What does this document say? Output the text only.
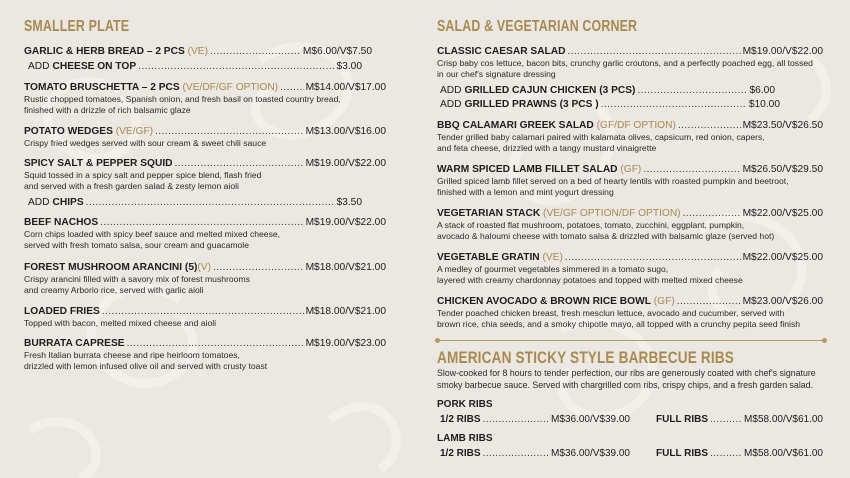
SMALLER PLATE
GARLIC & HERB BREAD – 2 PCS
(VE) .....	M$6.00/V$7.50
ADD CHEESE ON TOP .....	$3.00
TOMATO BRUSCHETTA – 2 PCS
(VE/DF/GF OPTION) .....	M$14.00/V$17.00
Rustic chopped tomatoes, Spanish onion, and fresh basil on toasted country bread,
finished with a drizzle of rich balsamic glaze
POTATO WEDGES
(VE/GF) .....	M$13.00/V$16.00
Crispy fried wedges served with sour cream & sweet chili sauce
SPICY SALT & PEPPER SQUID .....	M$19.00/V$22.00
Squid tossed in a spicy salt and pepper spice blend, flash fried
and served with a fresh garden salad & zesty lemon aioli
ADD CHIPS .....	$3.50
BEEF NACHOS .....	M$19.00/V$22.00
Corn chips loaded with spicy beef sauce and melted mixed cheese,
served with fresh tomato salsa, sour cream and guacamole
FOREST MUSHROOM ARANCINI (5) (V) .....	M$18.00/V$21.00
Crispy arancini filled with a savory mix of forest mushrooms
and creamy Arborio rice, served with garlic aioli
LOADED FRIES .....	M$18.00/V$21.00
Topped with bacon, melted mixed cheese and aioli
BURRATA CAPRESE .....	M$19.00/V$23.00
Fresh Italian burrata cheese and ripe heirloom tomatoes,
drizzled with lemon infused olive oil and served with crusty toast
SALAD & VEGETARIAN CORNER
CLASSIC CAESAR SALAD .....	M$19.00/V$22.00
Crisp baby cos lettuce, bacon bits, crunchy garlic croutons, and a perfectly poached egg, all tossed
in our chef's signature dressing
ADD GRILLED CAJUN CHICKEN (3 PCS) .....	$6.00
ADD GRILLED PRAWNS (3 PCS ) .....	$10.00
BBQ CALAMARI GREEK SALAD
(GF/DF OPTION) .....	M$23.50/V$26.50
Tender grilled baby calamari paired with kalamata olives, capsicum, red onion, capers,
and feta cheese, drizzled with a tangy mustard vinaigrette
WARM SPICED LAMB FILLET SALAD
(GF) .....	M$26.50/V$29.50
Grilled spiced lamb fillet served on a bed of hearty lentils with roasted pumpkin and beetroot,
finished with a lemon and mint yogurt dressing
VEGETARIAN STACK
(VE/GF OPTION/DF OPTION) .....	M$22.00/V$25.00
A stack of roasted flat mushroom, potatoes, tomato, zucchini, eggplant, pumpkin,
avocado & haloumi cheese with tomato salsa & drizzled with balsamic glaze (served hot)
VEGETABLE GRATIN
(VE) .....	M$22.00/V$25.00
A medley of gourmet vegetables simmered in a tomato sugo,
layered with creamy chardonnay potatoes and topped with melted mixed cheese
CHICKEN AVOCADO & BROWN RICE BOWL
(GF) .....	M$23.00/V$26.00
Tender poached chicken breast, fresh mesclun lettuce, avocado and cucumber, served with
brown rice, chia seeds, and a smoky chipotle mayo, all topped with a crunchy pepita seed finish
AMERICAN STICKY STYLE BARBECUE RIBS
Slow-cooked for 8 hours to tender perfection, our ribs are generously coated with chef's signature
smoky barbecue sauce. Served with chargrilled corn ribs, crispy chips, and a fresh garden salad.
PORK RIBS
1/2 RIBS .....	M$36.00/V$39.00	FULL RIBS .....	M$58.00/V$61.00
LAMB RIBS
1/2 RIBS .....	M$36.00/V$39.00	FULL RIBS .....	M$58.00/V$61.00
